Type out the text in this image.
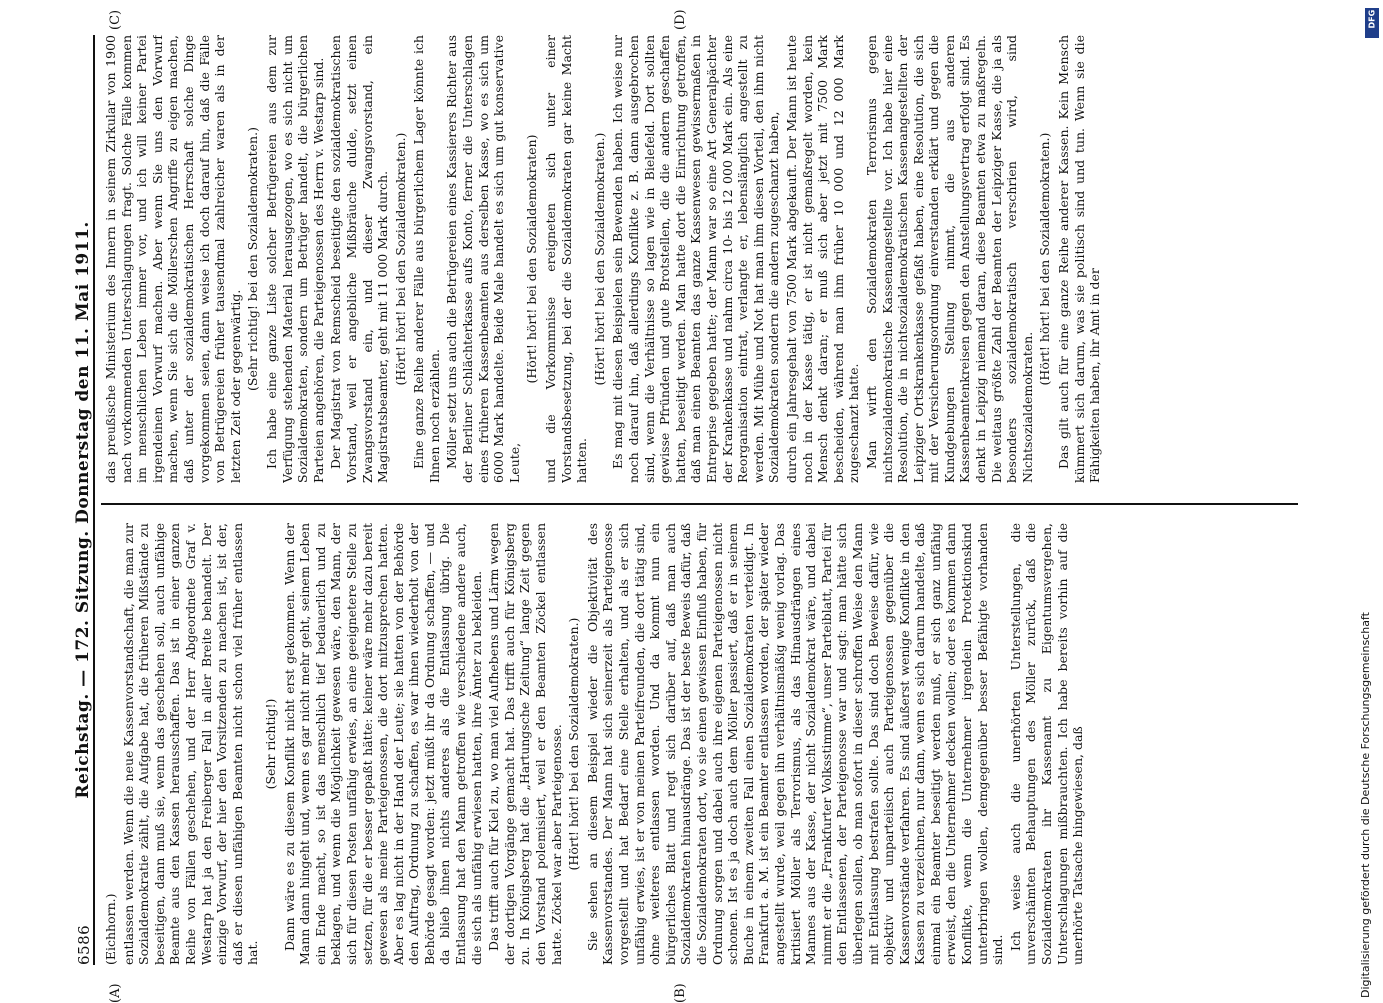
6586
Reichstag. — 172. Sitzung. Donnerstag den 11. Mai 1911.
(A)	(B)
(C)	(D)

(Eichhorn.) entlassen werden. Wenn die neue Kassenvorstandschaft, die man zur Sozialdemokratie zählt, die Aufgabe hat, die früheren Mißstände zu beseitigen, dann muß sie, wenn das geschehen soll, auch unfähige Beamte aus den Kassen herausschaffen. Das ist in einer ganzen Reihe von Fällen geschehen, und der Herr Abgeordnete Graf v. Westarp hat ja den Freiberger Fall in aller Breite behandelt. Der einzige Vorwurf, der hier den Vorsitzenden zu machen ist, ist der, daß er diesen unfähigen Beamten nicht schon viel früher entlassen hat.

(Sehr richtig!) Dann wäre es zu diesem Konflikt nicht erst gekommen. Wenn der Mann dann hingeht und, wenn es gar nicht mehr geht, seinem Leben ein Ende macht, so ist das menschlich tief bedauerlich und zu beklagen, und wenn die Möglichkeit gewesen wäre, den Mann, der sich für diesen Posten unfähig erwies, an eine geeignetere Stelle zu setzen, für die er besser gepaßt hätte: keiner wäre mehr dazu bereit gewesen als meine Parteigenossen, die dort mitzusprechen hatten. Aber es lag nicht in der Hand der Leute; sie hatten von der Behörde den Auftrag, Ordnung zu schaffen, es war ihnen wiederholt von der Behörde gesagt worden: jetzt müßt ihr da Ordnung schaffen, — und da blieb ihnen nichts anderes als die Entlassung übrig. Die Entlassung hat den Mann getroffen wie verschiedene andere auch, die sich als unfähig erwiesen hatten, ihre Ämter zu bekleiden. Das trifft auch für Kiel zu, wo man viel Aufhebens und Lärm wegen der dortigen Vorgänge gemacht hat. Das trifft auch für Königsberg zu. In Königsberg hat die „Hartungsche Zeitung“ lange Zeit gegen den Vorstand polemisiert, weil er den Beamten Zöckel entlassen hatte. Zöckel war aber Parteigenosse. (Hört! hört! bei den Sozialdemokraten.) Sie sehen an diesem Beispiel wieder die Objektivität des Kassenvorstandes. Der Mann hat sich seinerzeit als Parteigenosse vorgestellt und hat Bedarf eine Stelle erhalten, und als er sich unfähig erwies, ist er von meinen Parteifreunden, die dort tätig sind, ohne weiteres entlassen worden. Und da kommt nun ein bürgerliches Blatt und regt sich darüber auf, daß man auch Sozialdemokraten hinausdränge. Das ist der beste Beweis dafür, daß die Sozialdemokraten dort, wo sie einen gewissen Einfluß haben, für Ordnung sorgen und dabei auch ihre eigenen Parteigenossen nicht schonen. Ist es ja doch auch dem Möller passiert, daß er in seinem Buche in einem zweiten Fall einen Sozialdemokraten verteidigt. In Frankfurt a. M. ist ein Beamter entlassen worden, der später wieder angestellt wurde, weil gegen ihn verhältnismäßig wenig vorlag. Das kritisiert Möller als Terrorismus, als das Hinausdrängen eines Mannes aus der Kasse, der nicht Sozialdemokrat wäre, und dabei nimmt er die „Frankfurter Volksstimme“, unser Parteiblatt, Partei für den Entlassenen, der Parteigenosse war und sagt: man hätte sich überlegen sollen, ob man sofort in dieser schroffen Weise den Mann mit Entlassung bestrafen sollte. Das sind doch Beweise dafür, wie objektiv und unparteiisch auch Parteigenossen gegenüber die Kassenvorstände verfahren. Es sind äußerst wenige Konflikte in den Kassen zu verzeichnen, nur dann, wenn es sich darum handelte, daß einmal ein Beamter beseitigt werden muß, er sich ganz unfähig erweist, den die Unternehmer decken wollen; oder es kommen dann Konflikte, wenn die Unternehmer irgendein Protektionskind unterbringen wollen, demgegenüber besser Befähigte vorhanden sind. Ich weise auch die unerhörten Unterstellungen, die unverschämten Behauptungen des Möller zurück, daß die Sozialdemokraten ihr Kassenamt zu Eigentumsvergehen, Unterschlagungen mißbrauchten. Ich habe bereits vorhin auf die unerhörte Tatsache hingewiesen, daß

das preußische Ministerium des Innern in seinem Zirkular von 1900 nach vorkommenden Unterschlagungen fragt. Solche Fälle kommen im menschlichen Leben immer vor, und ich will keiner Partei irgendeinen Vorwurf machen. Aber wenn Sie uns den Vorwurf machen, wenn Sie sich die Möllerschen Angriffe zu eigen machen, daß unter der sozialdemokratischen Herrschaft solche Dinge vorgekommen seien, dann weise ich doch darauf hin, daß die Fälle von Betrügereien früher tausendmal zahlreicher waren als in der letzten Zeit oder gegenwärtig. (Sehr richtig! bei den Sozialdemokraten.) Ich habe eine ganze Liste solcher Betrügereien aus dem zur Verfügung stehenden Material herausgezogen, wo es sich nicht um Sozialdemokraten, sondern um Betrüger handelt, die bürgerlichen Parteien angehören, die Parteigenossen des Herrn v. Westarp sind. Der Magistrat von Remscheid beseitigte den sozialdemokratischen Vorstand, weil er angebliche Mißbräuche dulde, setzt einen Zwangsvorstand ein, und dieser Zwangsvorstand, ein Magistratsbeamter, geht mit 11 000 Mark durch. (Hört! hört! bei den Sozialdemokraten.) Eine ganze Reihe anderer Fälle aus bürgerlichem Lager könnte ich Ihnen noch erzählen. Möller setzt uns auch die Betrügereien eines Kassierers Richter aus der Berliner Schlächterkasse aufs Konto, ferner die Unterschlagen eines früheren Kassenbeamten aus derselben Kasse, wo es sich um 6000 Mark handelte. Beide Male handelt es sich um gut konservative Leute,

(Hört! hört! bei den Sozialdemokraten) und die Vorkommnisse ereigneten sich unter einer Vorstandsbesetzung, bei der die Sozialdemokraten gar keine Macht hatten.

(Hört! hört! bei den Sozialdemokraten.) Es mag mit diesen Beispielen sein Bewenden haben. Ich weise nur noch darauf hin, daß allerdings Konflikte z. B. dann ausgebrochen sind, wenn die Verhältnisse so lagen wie in Bielefeld. Dort sollten gewisse Pfründen und gute Brotstellen, die die andern geschaffen hatten, beseitigt werden. Man hatte dort die Einrichtung getroffen, daß man einen Beamten das ganze Kassenwesen gewissermaßen in Entreprise gegeben hatte; der Mann war so eine Art Generalpächter der Krankenkasse und nahm circa 10- bis 12 000 Mark ein. Als eine Reorganisation eintrat, verlangte er, lebenslänglich angestellt zu werden. Mit Mühe und Not hat man ihm diesen Vorteil, den ihm nicht Sozialdemokraten sondern die andern zugeschanzt haben, durch ein Jahresgehalt von 7500 Mark abgekauft. Der Mann ist heute noch in der Kasse tätig, er ist nicht gemaßregelt worden, kein Mensch denkt daran; er muß sich aber jetzt mit 7500 Mark bescheiden, während man ihm früher 10 000 und 12 000 Mark zugeschanzt hatte. Man wirft den Sozialdemokraten Terrorismus gegen nichtsozialdemokratische Kassenangestellte vor. Ich habe hier eine Resolution, die in nichtsozialdemokratischen Kassenangestellten der Leipziger Ortskrankenkasse gefaßt haben, eine Resolution, die sich mit der Versicherungsordnung einverstanden erklärt und gegen die Kundgebungen Stellung nimmt, die aus anderen Kassenbeamtenkreisen gegen den Anstellungsvertrag erfolgt sind. Es denkt in Leipzig niemand daran, diese Beamten etwa zu maßregeln. Die weitaus größte Zahl der Beamten der Leipziger Kasse, die ja als besonders sozialdemokratisch verschrien wird, sind Nichtsozialdemokraten.

(Hört! hört! bei den Sozialdemokraten.) Das gilt auch für eine ganze Reihe anderer Kassen. Kein Mensch kümmert sich darum, was sie politisch sind und tun. Wenn sie die Fähigkeiten haben, ihr Amt in der

Digitalisierung gefördert durch die Deutsche Forschungsgemeinschaft
DFG
